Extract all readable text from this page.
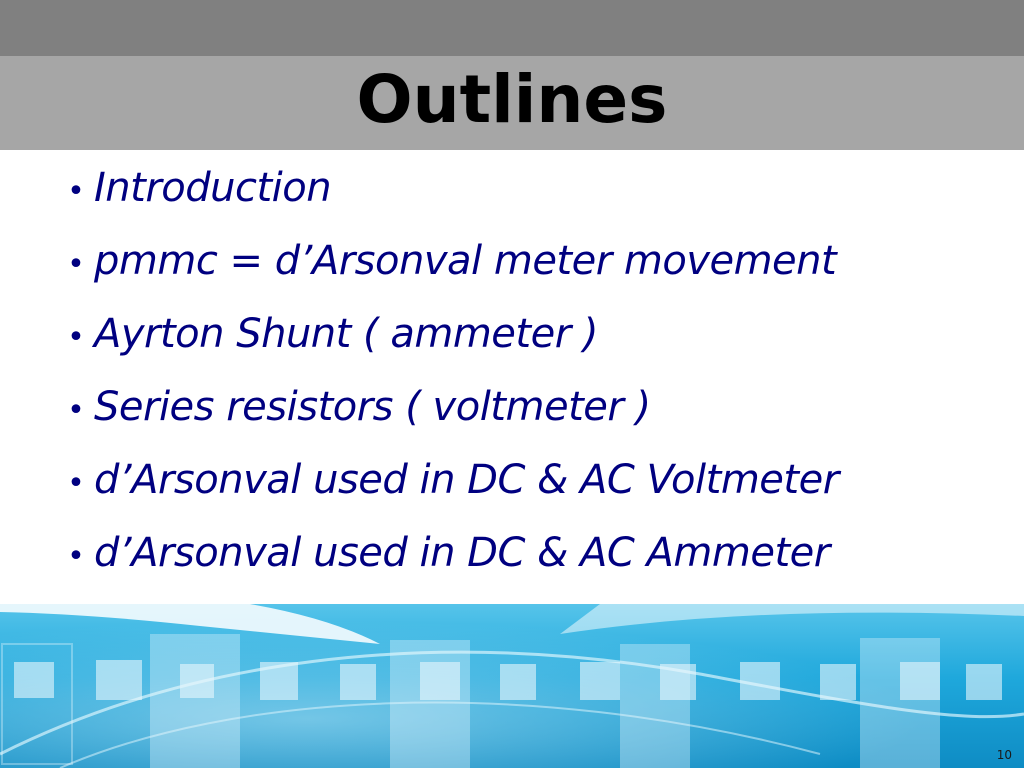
Outlines
• Introduction
• pmmc = d’Arsonval meter movement
• Ayrton Shunt ( ammeter )
• Series resistors ( voltmeter )
• d’Arsonval used in DC & AC Voltmeter
• d’Arsonval used in DC & AC Ammeter
10
